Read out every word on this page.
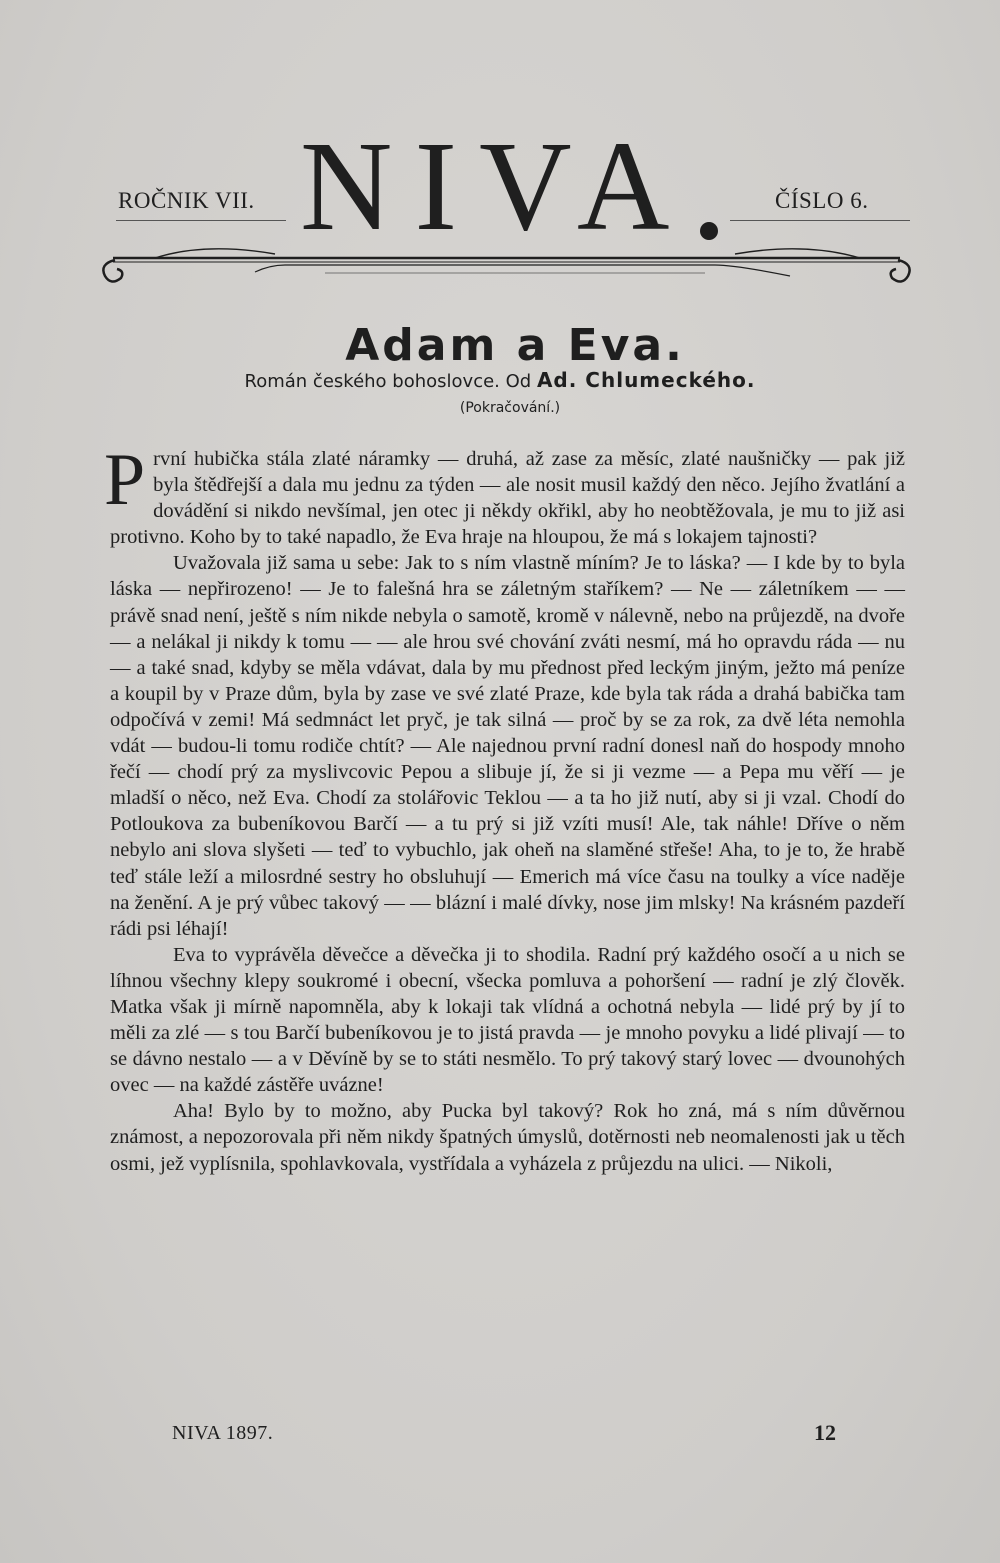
ROČNIK VII. NIVA	ČÍSLO 6.
Adam a Eva.
Román českého bohoslovce. Od Ad. Chlumeckého.
(Pokračování.)

První hubička stála zlaté náramky — druhá, až zase za měsíc, zlaté naušničky — pak již byla štědřejší a dala mu jednu za týden — ale nosit musil každý den něco. Jejího žvatlání a dovádění si nikdo nevšímal, jen otec ji někdy okřikl, aby ho neobtěžovala, je mu to již asi protivno. Koho by to také napadlo, že Eva hraje na hloupou, že má s lokajem tajnosti?

Uvažovala již sama u sebe: Jak to s ním vlastně míním? Je to láska? — I kde by to byla láska — nepřirozeno! — Je to falešná hra se záletným staříkem? — Ne — záletníkem — — právě snad není, ještě s ním nikde nebyla o samotě, kromě v nálevně, nebo na průjezdě, na dvoře — a nelákal ji nikdy k tomu — — ale hrou své chování zváti nesmí, má ho opravdu ráda — nu — a také snad, kdyby se měla vdávat, dala by mu přednost před leckým jiným, ježto má peníze a koupil by v Praze dům, byla by zase ve své zlaté Praze, kde byla tak ráda a drahá babička tam odpočívá v zemi! Má sedmnáct let pryč, je tak silná — proč by se za rok, za dvě léta nemohla vdát — budou-li tomu rodiče chtít? — Ale najednou první radní donesl naň do hospody mnoho řečí — chodí prý za myslivcovic Pepou a slibuje jí, že si ji vezme — a Pepa mu věří — je mladší o něco, než Eva. Chodí za stolářovic Teklou — a ta ho již nutí, aby si ji vzal. Chodí do Potloukova za bubeníkovou Barčí — a tu prý si již vzíti musí! Ale, tak náhle! Dříve o něm nebylo ani slova slyšeti — teď to vybuchlo, jak oheň na slaměné střeše! Aha, to je to, že hrabě teď stále leží a milosrdné sestry ho obsluhují — Emerich má více času na toulky a více naděje na ženění. A je prý vůbec takový — — blázní i malé dívky, nose jim mlsky! Na krásném pazdeří rádi psi léhají!

Eva to vyprávěla děvečce a děvečka ji to shodila. Radní prý každého osočí a u nich se líhnou všechny klepy soukromé i obecní, všecka pomluva a pohoršení — radní je zlý člověk. Matka však ji mírně napomněla, aby k lokaji tak vlídná a ochotná nebyla — lidé prý by jí to měli za zlé — s tou Barčí bubeníkovou je to jistá pravda — je mnoho povyku a lidé plivají — to se dávno nestalo — a v Děvíně by se to státi nesmělo. To prý takový starý lovec — dvounohých ovec — na každé zástěře uvázne!

Aha! Bylo by to možno, aby Pucka byl takový? Rok ho zná, má s ním důvěrnou známost, a nepozorovala při něm nikdy špatných úmyslů, dotěrnosti neb neomalenosti jak u těch osmi, jež vyplísnila, spohlavkovala, vystřídala a vyházela z průjezdu na ulici. — Nikoli,

NIVA 1897.	12
